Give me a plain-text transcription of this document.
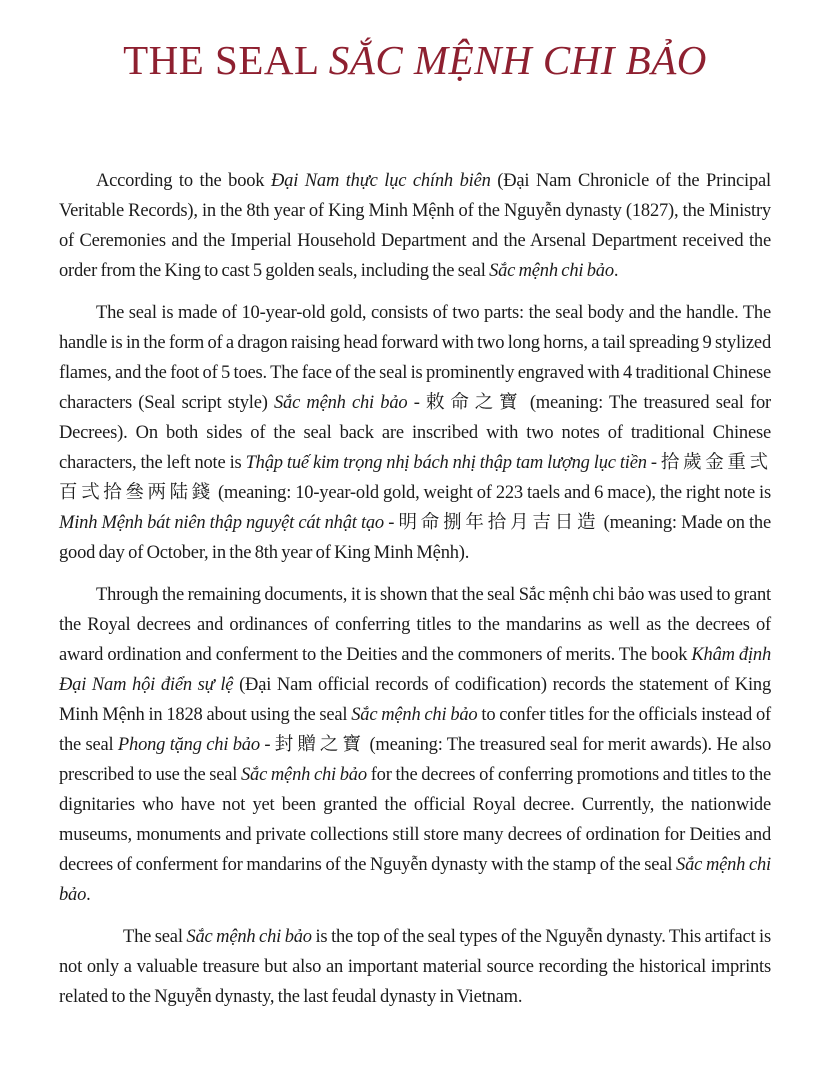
THE SEAL SẮC MỆNH CHI BẢO

According to the book Đại Nam thực lục chính biên (Đại Nam Chronicle of the Principal Veritable Records), in the 8th year of King Minh Mệnh of the Nguyễn dynasty (1827), the Ministry of Ceremonies and the Imperial Household Department and the Arsenal Department received the order from the King to cast 5 golden seals, including the seal Sắc mệnh chi bảo.

The seal is made of 10-year-old gold, consists of two parts: the seal body and the handle. The handle is in the form of a dragon raising head forward with two long horns, a tail spreading 9 stylized flames, and the foot of 5 toes. The face of the seal is prominently engraved with 4 traditional Chinese characters (Seal script style) Sắc mệnh chi bảo - 敕命之寶 (meaning: The treasured seal for Decrees). On both sides of the seal back are inscribed with two notes of traditional Chinese characters, the left note is Thập tuế kim trọng nhị bách nhị thập tam lượng lục tiền - 拾歲金重弍百弍拾叄两陆錢 (meaning: 10-year-old gold, weight of 223 taels and 6 mace), the right note is Minh Mệnh bát niên thập nguyệt cát nhật tạo - 明命捌年拾月吉日造 (meaning: Made on the good day of October, in the 8th year of King Minh Mệnh).

Through the remaining documents, it is shown that the seal Sắc mệnh chi bảo was used to grant the Royal decrees and ordinances of conferring titles to the mandarins as well as the decrees of award ordination and conferment to the Deities and the commoners of merits. The book Khâm định Đại Nam hội điển sự lệ (Đại Nam official records of codification) records the statement of King Minh Mệnh in 1828 about using the seal Sắc mệnh chi bảo to confer titles for the officials instead of the seal Phong tặng chi bảo - 封贈之寶 (meaning: The treasured seal for merit awards). He also prescribed to use the seal Sắc mệnh chi bảo for the decrees of conferring promotions and titles to the dignitaries who have not yet been granted the official Royal decree. Currently, the nationwide museums, monuments and private collections still store many decrees of ordination for Deities and decrees of conferment for mandarins of the Nguyễn dynasty with the stamp of the seal Sắc mệnh chi bảo.

The seal Sắc mệnh chi bảo is the top of the seal types of the Nguyễn dynasty. This artifact is not only a valuable treasure but also an important material source recording the historical imprints related to the Nguyễn dynasty, the last feudal dynasty in Vietnam.
